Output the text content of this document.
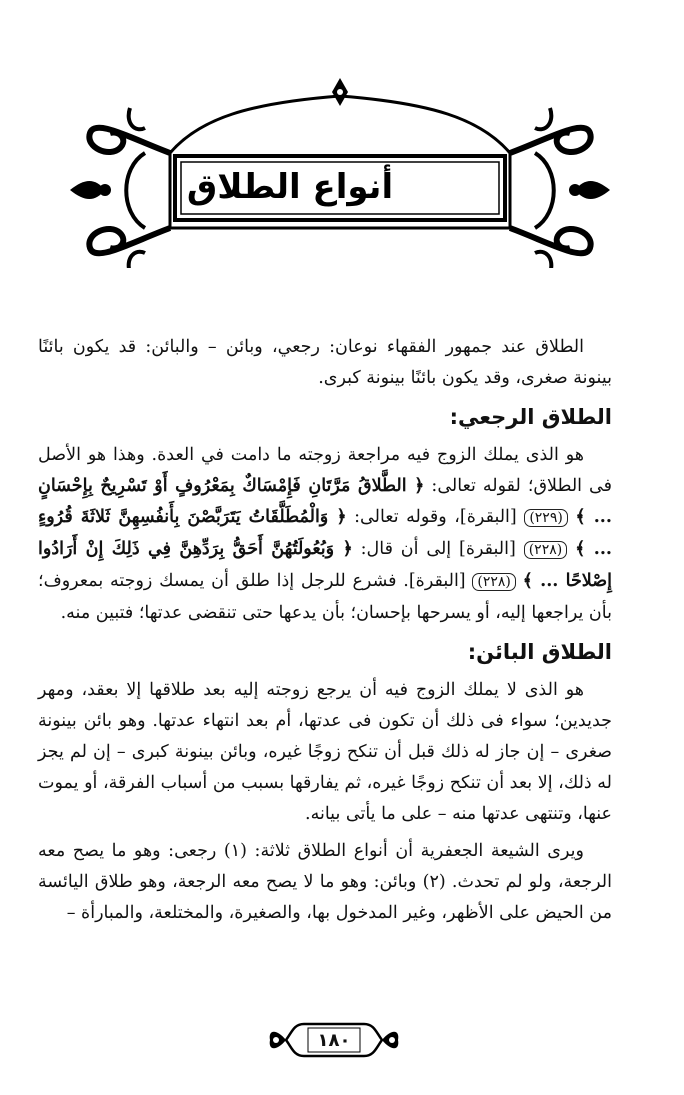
أنواع الطلاق

الطلاق عند جمهور الفقهاء نوعان: رجعي، وبائن – والبائن: قد يكون بائنًا بينونة صغرى، وقد يكون بائنًا بينونة كبرى.

الطلاق الرجعي:

هو الذى يملك الزوج فيه مراجعة زوجته ما دامت في العدة. وهذا هو الأصل فى الطلاق؛ لقوله تعالى: ﴿ الطَّلاقُ مَرَّتَانِ فَإِمْسَاكٌ بِمَعْرُوفٍ أَوْ تَسْرِيحٌ بِإِحْسَانٍ ... ﴾ (٢٢٩) [البقرة]، وقوله تعالى: ﴿ وَالْمُطَلَّقَاتُ يَتَرَبَّصْنَ بِأَنفُسِهِنَّ ثَلاثَةَ قُرُوءٍ ... ﴾ (٢٢٨) [البقرة] إلى أن قال: ﴿ وَبُعُولَتُهُنَّ أَحَقُّ بِرَدِّهِنَّ فِي ذَلِكَ إِنْ أَرَادُوا إِصْلاحًا ... ﴾ (٢٢٨) [البقرة]. فشرع للرجل إذا طلق أن يمسك زوجته بمعروف؛ بأن يراجعها إليه، أو يسرحها بإحسان؛ بأن يدعها حتى تنقضى عدتها؛ فتبين منه.

الطلاق البائن:

هو الذى لا يملك الزوج فيه أن يرجع زوجته إليه بعد طلاقها إلا بعقد، ومهر جديدين؛ سواء فى ذلك أن تكون فى عدتها، أم بعد انتهاء عدتها. وهو بائن بينونة صغرى – إن جاز له ذلك قبل أن تنكح زوجًا غيره، وبائن بينونة كبرى – إن لم يجز له ذلك، إلا بعد أن تنكح زوجًا غيره، ثم يفارقها بسبب من أسباب الفرقة، أو يموت عنها، وتنتهى عدتها منه – على ما يأتى بيانه.

ويرى الشيعة الجعفرية أن أنواع الطلاق ثلاثة: (١) رجعى: وهو ما يصح معه الرجعة، ولو لم تحدث. (٢) وبائن: وهو ما لا يصح معه الرجعة، وهو طلاق اليائسة من الحيض على الأظهر، وغير المدخول بها، والصغيرة، والمختلعة، والمبارأة –

١٨٠
